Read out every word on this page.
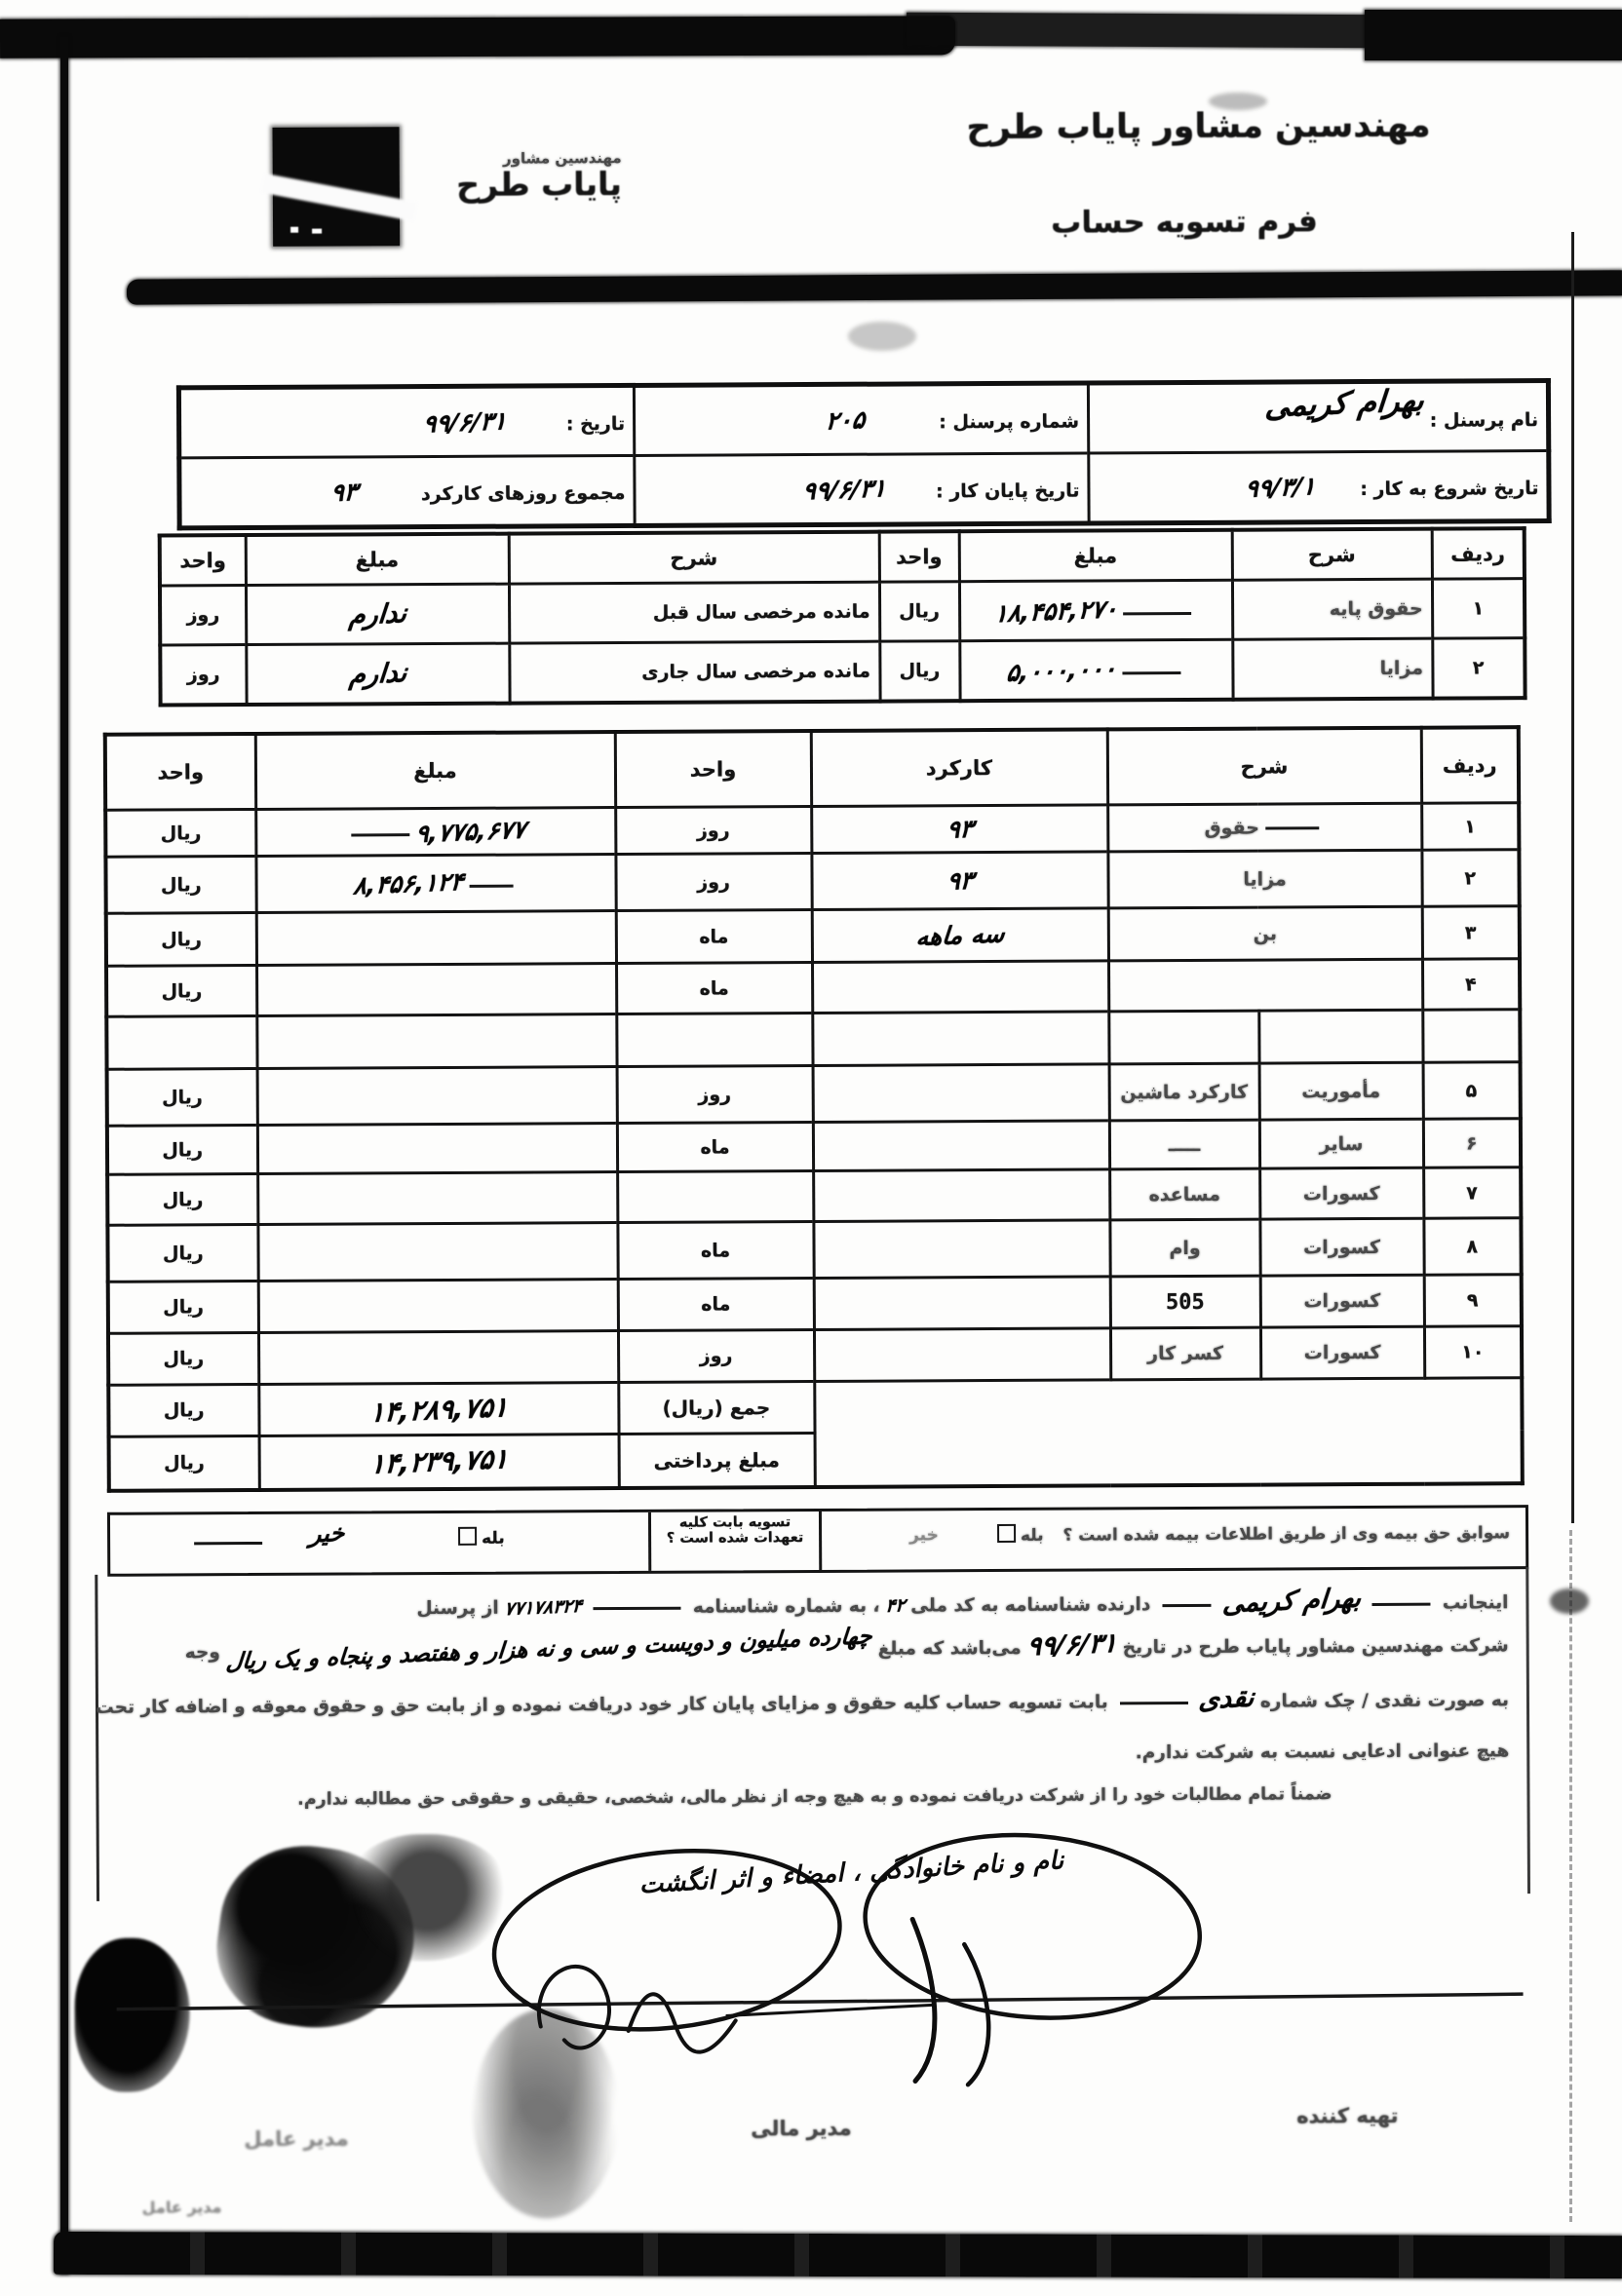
مهندسین مشاور
پایاب طرح
مهندسین مشاور پایاب طرح
فرم تسویه حساب
نام پرسنل : بهرام کریمی	شماره پرسنل : ۲۰۵	تاریخ : ۹۹/۶/۳۱
تاریخ شروع به کار : ۹۹/۳/۱	تاریخ پایان کار : ۹۹/۶/۳۱	مجموع روزهای کارکرد ۹۳
ردیف	شرح	مبلغ	واحد	شرح	مبلغ	واحد
۱	حقوق پایه	۱۸,۴۵۴,۲۷۰	ریال	مانده مرخصی سال قبل	ندارم	روز
۲	مزایا	۵,۰۰۰,۰۰۰	ریال	مانده مرخصی سال جاری	ندارم	روز
ردیف	شرح		کارکرد	واحد	مبلغ	واحد
۱	حقوق		۹۳	روز	۹,۷۷۵,۶۷۷	ریال
۲	مزایا		۹۳	روز	۸,۴۵۶,۱۲۴	ریال
۳	بن		سه ماهه	ماه		ریال
۴				ماه		ریال

۵	مأموریت	کارکرد ماشین		روز		ریال
۶	سایر	ـــــ		ماه		ریال
۷	کسورات	مساعده				ریال
۸	کسورات	وام		ماه		ریال
۹	کسورات	505		ماه		ریال
۱۰	کسورات	کسر کار		روز		ریال
				جمع (ریال)	۱۴,۲۸۹,۷۵۱	ریال
				مبلغ پرداختی	۱۴,۲۳۹,۷۵۱	ریال
سوابق حق بیمه وی از طریق اطلاعات بیمه شده است ؟ بله
خیر
تسویه بابت کلیه تعهدات شده است ؟
بله
خیر
اینجانب  بهرام کریمی  دارنده شناسنامه به کد ملی ۴۲ ، به شماره شناسنامه  ۷۷۱۷۸۳۲۴ از پرسنل
شرکت مهندسین مشاور پایاب طرح در تاریخ ۹۹/۶/۳۱ می‌باشد که مبلغ چهارده میلیون و دویست و سی و نه هزار و هفتصد و پنجاه و یک ریال وجه
به صورت نقدی / چک شماره نقدی  بابت تسویه حساب کلیه حقوق و مزایای پایان کار خود دریافت نموده و از بابت حق و حقوق معوقه و اضافه کار تحت
هیچ عنوانی ادعایی نسبت به شرکت ندارم.
ضمناً تمام مطالبات خود را از شرکت دریافت نموده و به هیچ وجه از نظر مالی، شخصی، حقیقی و حقوقی حق مطالبه ندارم.
نام و نام خانوادگی ، امضاء و اثر انگشت
مدیر عامل	مدیر مالی
تهیه کننده
مدیر عامل
